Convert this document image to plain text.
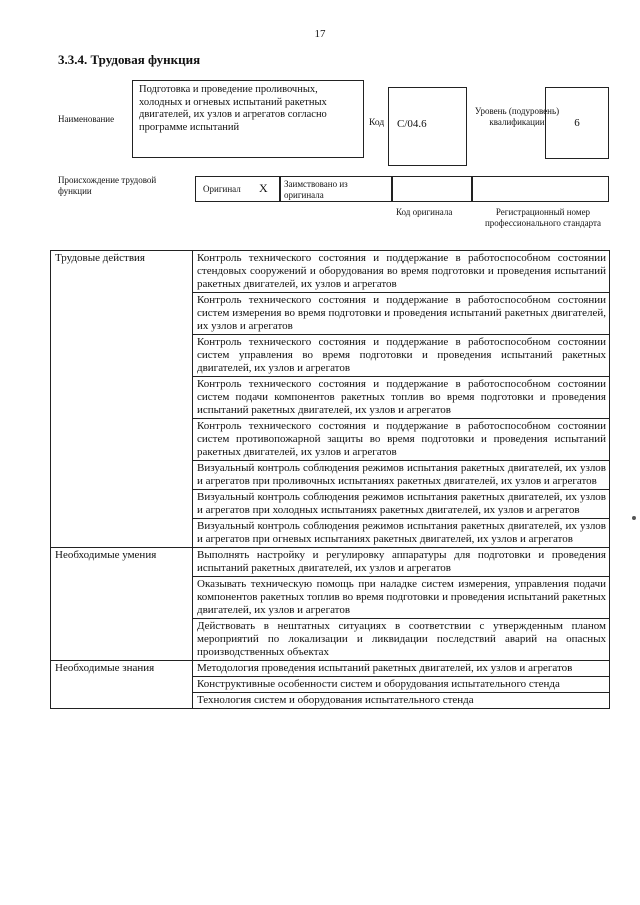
17
3.3.4. Трудовая функция
Наименование
Подготовка и проведение проливочных, холодных и огневых испытаний ракетных двигателей, их узлов и агрегатов согласно программе испытаний	Код	С/04.6
Уровень (подуровень) квалификации	6
Происхождение трудовой функции	Оригинал X	Заимствовано из оригинала
Код оригинала	Регистрационный номер профессионального стандарта
Трудовые действия	Контроль технического состояния и поддержание в работоспособном состоянии стендовых сооружений и оборудования во время подготовки и проведения испытаний ракетных двигателей, их узлов и агрегатов
	Контроль технического состояния и поддержание в работоспособном состоянии систем измерения во время подготовки и проведения испытаний ракетных двигателей, их узлов и агрегатов
	Контроль технического состояния и поддержание в работоспособном состоянии систем управления во время подготовки и проведения испытаний ракетных двигателей, их узлов и агрегатов
	Контроль технического состояния и поддержание в работоспособном состоянии систем подачи компонентов ракетных топлив во время подготовки и проведения испытаний ракетных двигателей, их узлов и агрегатов
	Контроль технического состояния и поддержание в работоспособном состоянии систем противопожарной защиты во время подготовки и проведения испытаний ракетных двигателей, их узлов и агрегатов
	Визуальный контроль соблюдения режимов испытания ракетных двигателей, их узлов и агрегатов при проливочных испытаниях ракетных двигателей, их узлов и агрегатов
	Визуальный контроль соблюдения режимов испытания ракетных двигателей, их узлов и агрегатов при холодных испытаниях ракетных двигателей, их узлов и агрегатов
	Визуальный контроль соблюдения режимов испытания ракетных двигателей, их узлов и агрегатов при огневых испытаниях ракетных двигателей, их узлов и агрегатов
Необходимые умения	Выполнять настройку и регулировку аппаратуры для подготовки и проведения испытаний ракетных двигателей, их узлов и агрегатов
	Оказывать техническую помощь при наладке систем измерения, управления подачи компонентов ракетных топлив во время подготовки и проведения испытаний ракетных двигателей, их узлов и агрегатов
	Действовать в нештатных ситуациях в соответствии с утвержденным планом мероприятий по локализации и ликвидации последствий аварий на опасных производственных объектах
Необходимые знания	Методология проведения испытаний ракетных двигателей, их узлов и агрегатов
	Конструктивные особенности систем и оборудования испытательного стенда
	Технология систем и оборудования испытательного стенда
